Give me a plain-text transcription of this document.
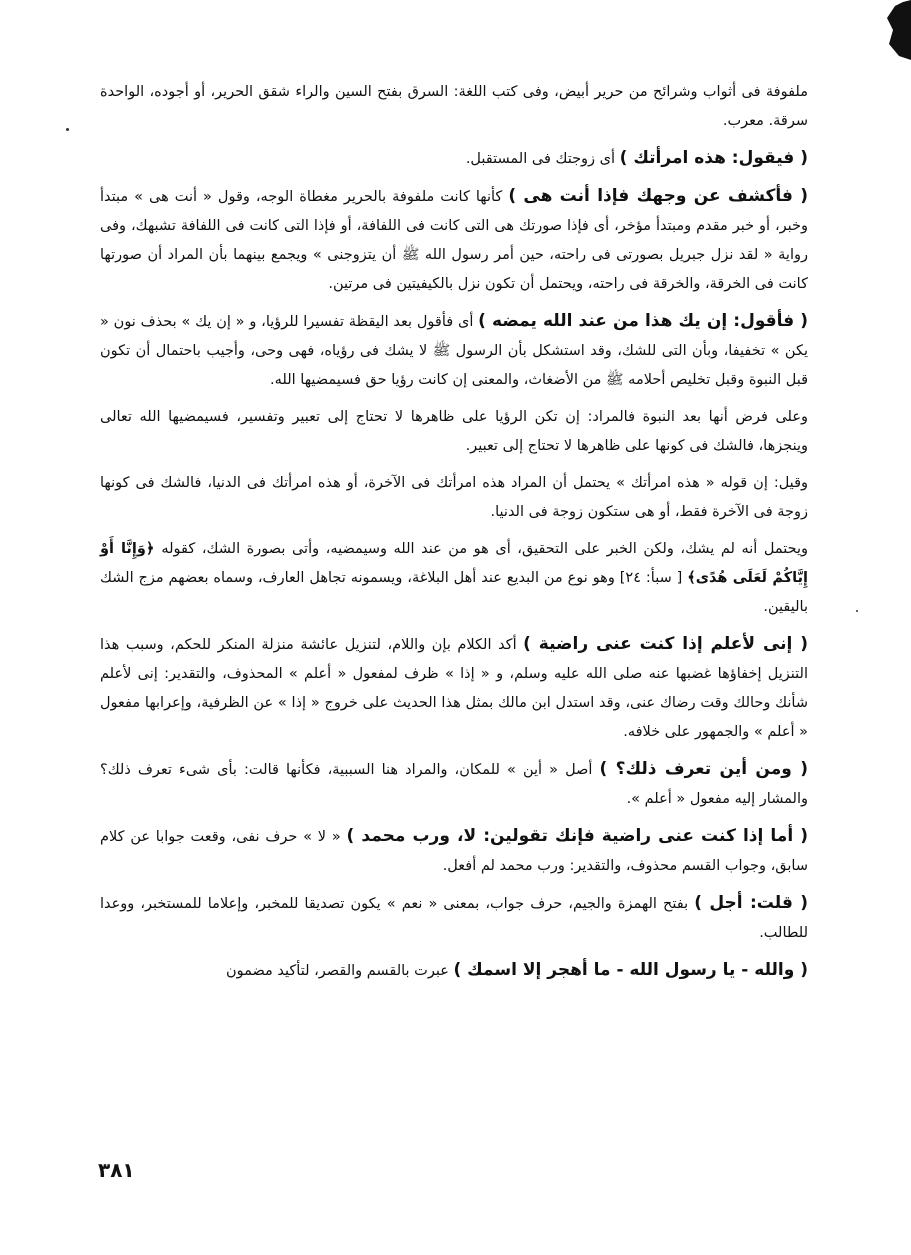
ملفوفة فى أثواب وشرائح من حرير أبيض، وفى كتب اللغة: السرق بفتح السين والراء شقق الحرير، أو أجوده، الواحدة سرقة. معرب.

( فيقول: هذه امرأتك ) أى زوجتك فى المستقبل.

( فأكشف عن وجهك فإذا أنت هى ) كأنها كانت ملفوفة بالحرير مغطاة الوجه، وقول « أنت هى » مبتدأ وخبر، أو خبر مقدم ومبتدأ مؤخر، أى فإذا صورتك هى التى كانت فى اللفافة، أو فإذا التى كانت فى اللفافة تشبهك، وفى رواية « لقد نزل جبريل بصورتى فى راحته، حين أمر رسول الله ﷺ أن يتزوجنى » ويجمع بينهما بأن المراد أن صورتها كانت فى الخرقة، والخرقة فى راحته، ويحتمل أن تكون نزل بالكيفيتين فى مرتين.

( فأقول: إن يك هذا من عند الله يمضه ) أى فأقول بعد اليقظة تفسيرا للرؤيا، و « إن يك » بحذف نون « يكن » تخفيفا، وبأن التى للشك، وقد استشكل بأن الرسول ﷺ لا يشك فى رؤياه، فهى وحى، وأجيب باحتمال أن تكون قبل النبوة وقبل تخليص أحلامه ﷺ من الأضغاث، والمعنى إن كانت رؤيا حق فسيمضيها الله.

وعلى فرض أنها بعد النبوة فالمراد: إن تكن الرؤيا على ظاهرها لا تحتاج إلى تعبير وتفسير، فسيمضيها الله تعالى وينجزها، فالشك فى كونها على ظاهرها لا تحتاج إلى تعبير.

وقيل: إن قوله « هذه امرأتك » يحتمل أن المراد هذه امرأتك فى الآخرة، أو هذه امرأتك فى الدنيا، فالشك فى كونها زوجة فى الآخرة فقط، أو هى ستكون زوجة فى الدنيا.

ويحتمل أنه لم يشك، ولكن الخبر على التحقيق، أى هو من عند الله وسيمضيه، وأتى بصورة الشك، كقوله ﴿وَإِنَّا أَوْ إِيَّاكُمْ لَعَلَى هُدًى﴾ [ سبأ: ٢٤] وهو نوع من البديع عند أهل البلاغة، ويسمونه تجاهل العارف، وسماه بعضهم مزج الشك باليقين.

( إنى لأعلم إذا كنت عنى راضية ) أكد الكلام بإن واللام، لتنزيل عائشة منزلة المنكر للحكم، وسبب هذا التنزيل إخفاؤها غضبها عنه صلى الله عليه وسلم، و « إذا » ظرف لمفعول « أعلم » المحذوف، والتقدير: إنى لأعلم شأنك وحالك وقت رضاك عنى، وقد استدل ابن مالك بمثل هذا الحديث على خروج « إذا » عن الظرفية، وإعرابها مفعول « أعلم » والجمهور على خلافه.

( ومن أين تعرف ذلك؟ ) أصل « أين » للمكان، والمراد هنا السببية، فكأنها قالت: بأى شىء تعرف ذلك؟ والمشار إليه مفعول « أعلم ».

( أما إذا كنت عنى راضية فإنك تقولين: لا، ورب محمد ) « لا » حرف نفى، وقعت جوابا عن كلام سابق، وجواب القسم محذوف، والتقدير: ورب محمد لم أفعل.

( قلت: أجل ) بفتح الهمزة والجيم، حرف جواب، بمعنى « نعم » يكون تصديقا للمخبر، وإعلاما للمستخبر، ووعدا للطالب.

( والله - يا رسول الله - ما أهجر إلا اسمك ) عبرت بالقسم والقصر، لتأكيد مضمون

٣٨١
